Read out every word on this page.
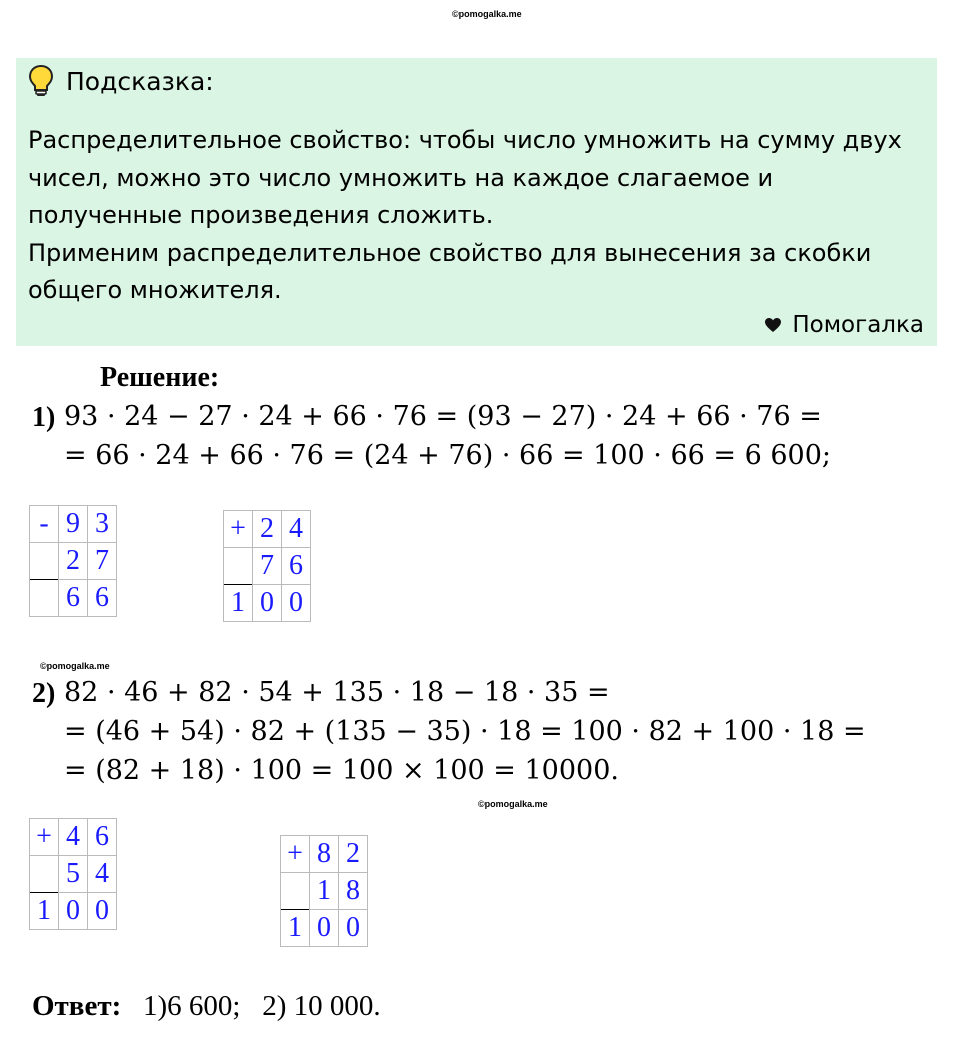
©pomogalka.me
Подсказка:

Распределительное свойство: чтобы число умножить на сумму двух

чисел, можно это число умножить на каждое слагаемое и

полученные произведения сложить.

Применим распределительное свойство для вынесения за скобки

общего множителя.

Помогалка
Решение:
1) 93 · 24 − 27 · 24 + 66 · 76 = (93 − 27) · 24 + 66 · 76 =
= 66 · 24 + 66 · 76 = (24 + 76) · 66 = 100 · 66 = 6 600;
- 9 3
2 7
6 6
+ 2 4
7 6
1 0 0
©pomogalka.me
2) 82 · 46 + 82 · 54 + 135 · 18 − 18 · 35 =
= (46 + 54) · 82 + (135 − 35) · 18 = 100 · 82 + 100 · 18 =
= (82 + 18) · 100 = 100 × 100 = 10000.
©pomogalka.me
+ 4 6
5 4
1 0 0
+ 8 2
1 8
1 0 0
Ответ:   1)6 600;   2) 10 000.
